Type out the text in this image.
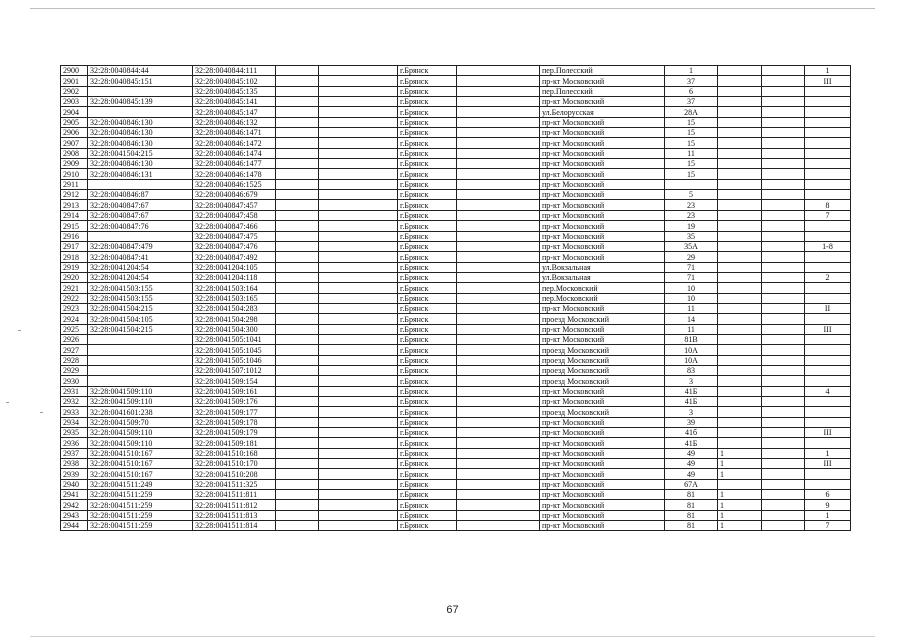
2900	32:28:0040844:44	32:28:0040844:111			г.Брянск		пер.Полесский	1			1
2901	32:28:0040845:151	32:28:0040845:102			г.Брянск		пр-кт Московский	37			III
2902		32:28:0040845:135			г.Брянск		пер.Полесский	6			
2903	32:28:0040845:139	32:28:0040845:141			г.Брянск		пр-кт Московский	37			
2904		32:28:0040845:147			г.Брянск		ул.Белорусская	28А			
2905	32:28:0040846:130	32:28:0040846:132			г.Брянск		пр-кт Московский	15			
2906	32:28:0040846:130	32:28:0040846:1471			г.Брянск		пр-кт Московский	15			
2907	32:28:0040846:130	32:28:0040846:1472			г.Брянск		пр-кт Московский	15			
2908	32:28:0041504:215	32:28:0040846:1474			г.Брянск		пр-кт Московский	11			
2909	32:28:0040846:130	32:28:0040846:1477			г.Брянск		пр-кт Московский	15			
2910	32:28:0040846:131	32:28:0040846:1478			г.Брянск		пр-кт Московский	15			
2911		32:28:0040846:1525			г.Брянск		пр-кт Московский				
2912	32:28:0040846:87	32:28:0040846:679			г.Брянск		пр-кт Московский	5			
2913	32:28:0040847:67	32:28:0040847:457			г.Брянск		пр-кт Московский	23			8
2914	32:28:0040847:67	32:28:0040847:458			г.Брянск		пр-кт Московский	23			7
2915	32:28:0040847:76	32:28:0040847:466			г.Брянск		пр-кт Московский	19			
2916		32:28:0040847:475			г.Брянск		пр-кт Московский	35			
2917	32:28:0040847:479	32:28:0040847:476			г.Брянск		пр-кт Московский	35А			1-8
2918	32:28:0040847:41	32:28:0040847:492			г.Брянск		пр-кт Московский	29			
2919	32:28:0041204:54	32:28:0041204:105			г.Брянск		ул.Вокзальная	71			
2920	32:28:0041204:54	32:28:0041204:118			г.Брянск		ул.Вокзальная	71			2
2921	32:28:0041503:155	32:28:0041503:164			г.Брянск		пер.Московский	10			
2922	32:28:0041503:155	32:28:0041503:165			г.Брянск		пер.Московский	10			
2923	32:28:0041504:215	32:28:0041504:283			г.Брянск		пр-кт Московский	11			II
2924	32:28:0041504:105	32:28:0041504:298			г.Брянск		проезд Московский	14			
2925	32:28:0041504:215	32:28:0041504:300			г.Брянск		пр-кт Московский	11			III
2926		32:28:0041505:1041			г.Брянск		пр-кт Московский	81В			
2927		32:28:0041505:1045			г.Брянск		проезд Московский	10А			
2928		32:28:0041505:1046			г.Брянск		проезд Московский	10А			
2929		32:28:0041507:1012			г.Брянск		проезд Московский	83			
2930		32:28:0041509:154			г.Брянск		проезд Московский	3			
2931	32:28:0041509:110	32:28:0041509:161			г.Брянск		пр-кт Московский	41Б			4
2932	32:28:0041509:110	32:28:0041509:176			г.Брянск		пр-кт Московский	41Б			
2933	32:28:0041601:238	32:28:0041509:177			г.Брянск		проезд Московский	3			
2934	32:28:0041509:70	32:28:0041509:178			г.Брянск		пр-кт Московский	39			
2935	32:28:0041509:110	32:28:0041509:179			г.Брянск		пр-кт Московский	41б			III
2936	32:28:0041509:110	32:28:0041509:181			г.Брянск		пр-кт Московский	41Б			
2937	32:28:0041510:167	32:28:0041510:168			г.Брянск		пр-кт Московский	49	1		1
2938	32:28:0041510:167	32:28:0041510:170			г.Брянск		пр-кт Московский	49	1		III
2939	32:28:0041510:167	32:28:0041510:208			г.Брянск		пр-кт Московский	49	1		
2940	32:28:0041511:249	32:28:0041511:325			г.Брянск		пр-кт Московский	67А			
2941	32:28:0041511:259	32:28:0041511:811			г.Брянск		пр-кт Московский	81	1		6
2942	32:28:0041511:259	32:28:0041511:812			г.Брянск		пр-кт Московский	81	1		9
2943	32:28:0041511:259	32:28:0041511:813			г.Брянск		пр-кт Московский	81	1		1
2944	32:28:0041511:259	32:28:0041511:814			г.Брянск		пр-кт Московский	81	1		7
67
